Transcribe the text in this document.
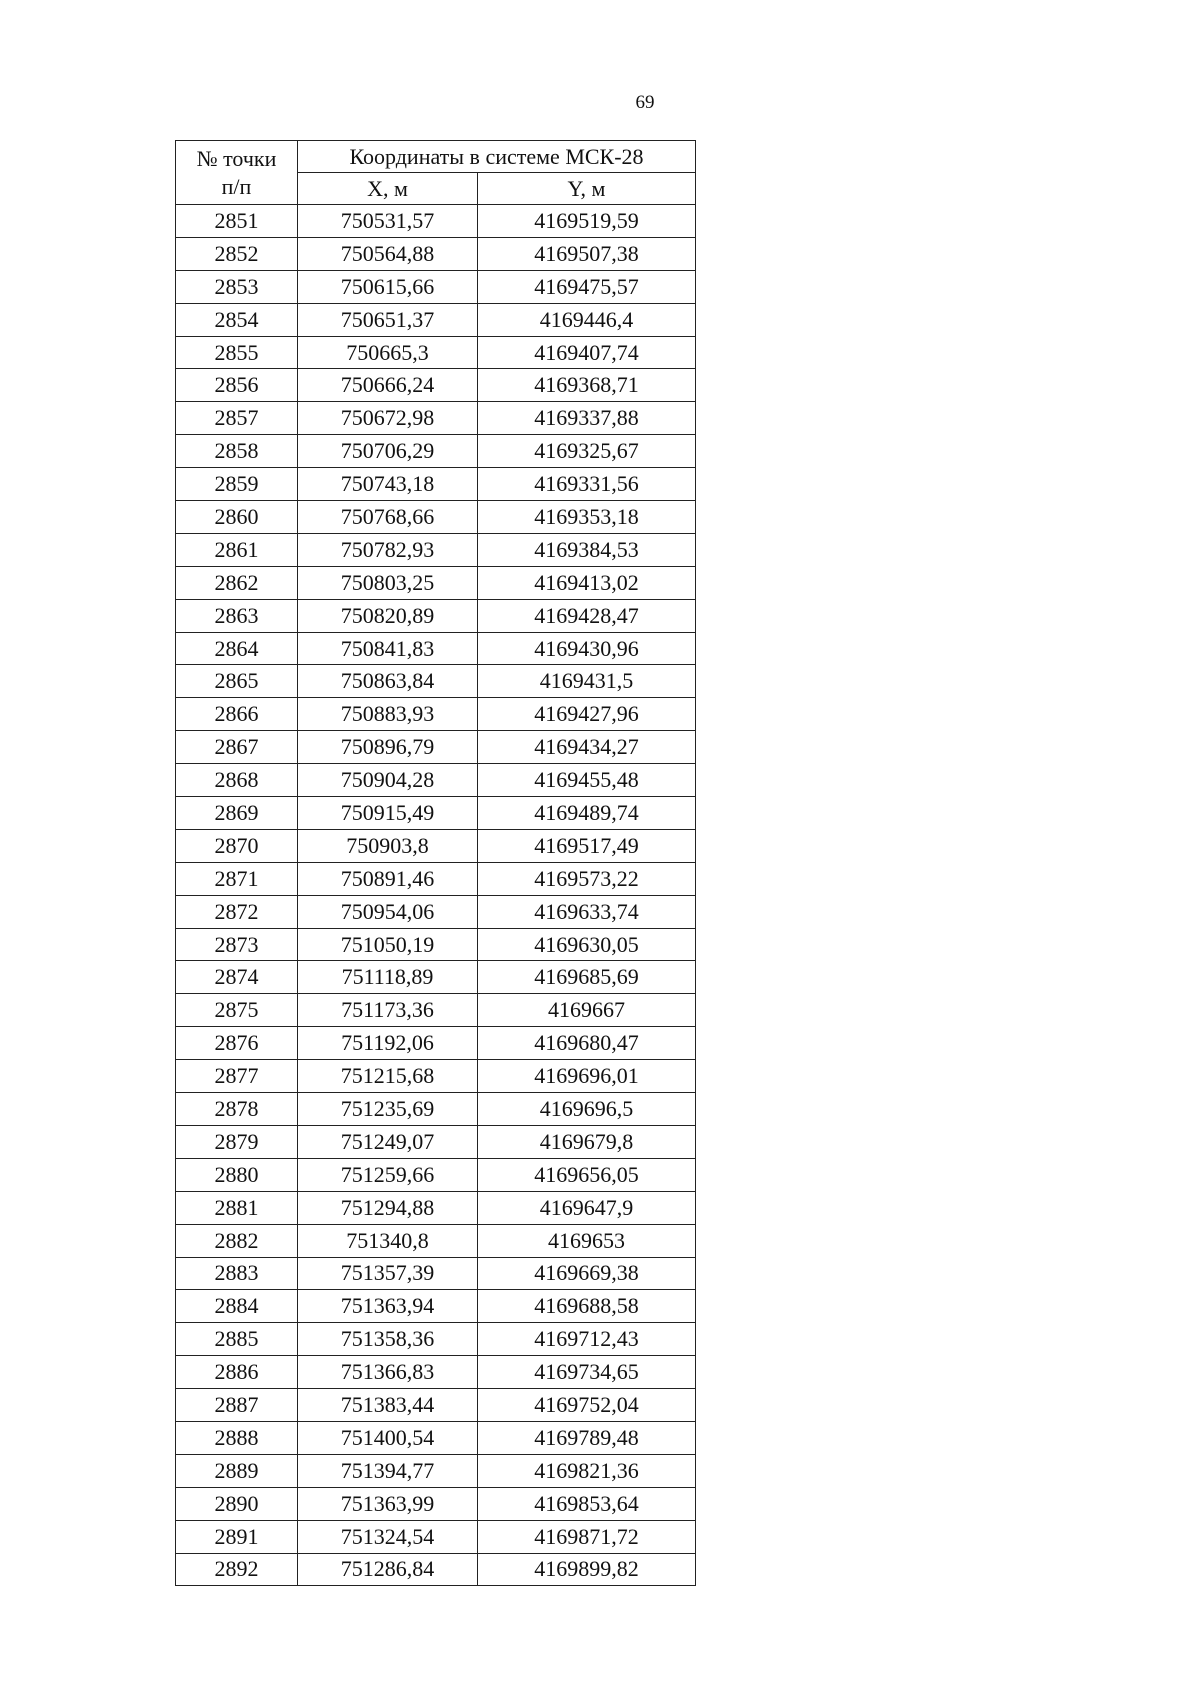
69
№ точки
п/п	Координаты в системе МСК-28	
	X, м	Y, м
2851	750531,57	4169519,59
2852	750564,88	4169507,38
2853	750615,66	4169475,57
2854	750651,37	4169446,4
2855	750665,3	4169407,74
2856	750666,24	4169368,71
2857	750672,98	4169337,88
2858	750706,29	4169325,67
2859	750743,18	4169331,56
2860	750768,66	4169353,18
2861	750782,93	4169384,53
2862	750803,25	4169413,02
2863	750820,89	4169428,47
2864	750841,83	4169430,96
2865	750863,84	4169431,5
2866	750883,93	4169427,96
2867	750896,79	4169434,27
2868	750904,28	4169455,48
2869	750915,49	4169489,74
2870	750903,8	4169517,49
2871	750891,46	4169573,22
2872	750954,06	4169633,74
2873	751050,19	4169630,05
2874	751118,89	4169685,69
2875	751173,36	4169667
2876	751192,06	4169680,47
2877	751215,68	4169696,01
2878	751235,69	4169696,5
2879	751249,07	4169679,8
2880	751259,66	4169656,05
2881	751294,88	4169647,9
2882	751340,8	4169653
2883	751357,39	4169669,38
2884	751363,94	4169688,58
2885	751358,36	4169712,43
2886	751366,83	4169734,65
2887	751383,44	4169752,04
2888	751400,54	4169789,48
2889	751394,77	4169821,36
2890	751363,99	4169853,64
2891	751324,54	4169871,72
2892	751286,84	4169899,82
